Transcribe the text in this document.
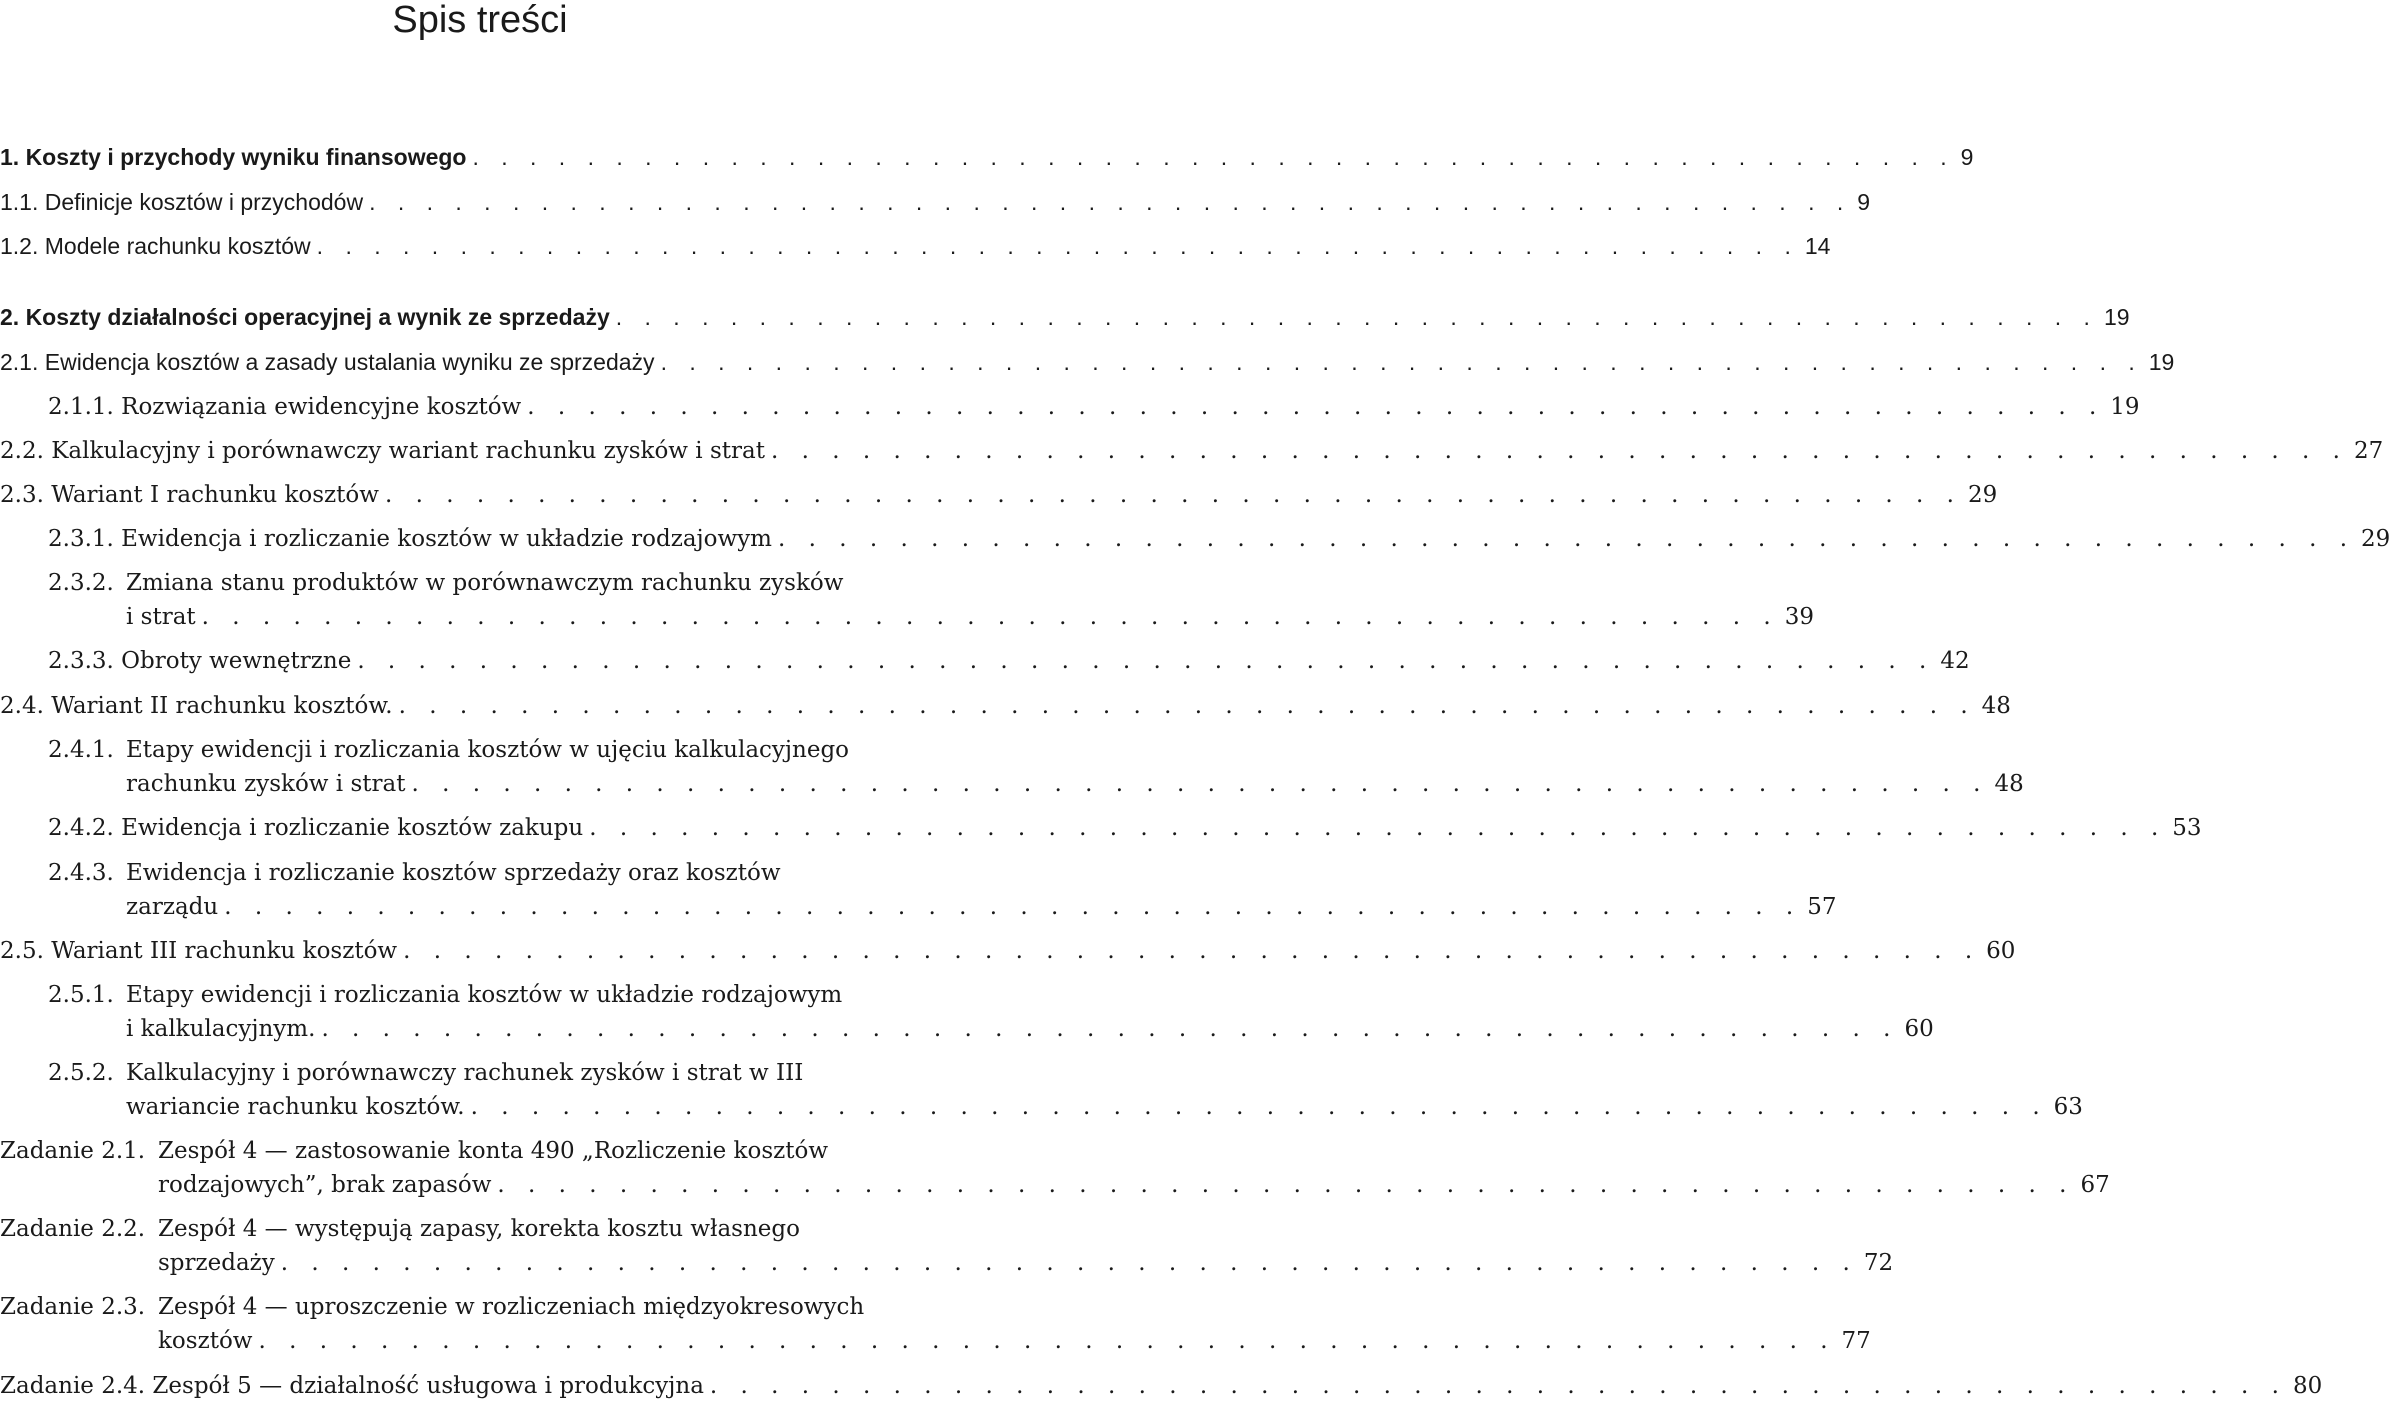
Spis treści
1. Koszty i przychody wyniku finansowego . . . . . . . . . . . . . . . . . . . . . . . . . . . . . . . . . . . . . . . . . . . . . . . . . . . . 9
1.1. Definicje kosztów i przychodów . . . . . . . . . . . . . . . . . . . . . . . . . . . . . . . . . . . . . . . . . . . . . . . . . . . . 9
1.2. Modele rachunku kosztów . . . . . . . . . . . . . . . . . . . . . . . . . . . . . . . . . . . . . . . . . . . . . . . . . . . . 14
2. Koszty działalności operacyjnej a wynik ze sprzedaży . . . . . . . . . . . . . . . . . . . . . . . . . . . . . . . . . . . . . . . . . . . . . . . . . . . . 19
2.1. Ewidencja kosztów a zasady ustalania wyniku ze sprzedaży . . . . . . . . . . . . . . . . . . . . . . . . . . . . . . . . . . . . . . . . . . . . . . . . . . . . 19
2.1.1. Rozwiązania ewidencyjne kosztów . . . . . . . . . . . . . . . . . . . . . . . . . . . . . . . . . . . . . . . . . . . . . . . . . . . . 19
2.2. Kalkulacyjny i porównawczy wariant rachunku zysków i strat . . . . . . . . . . . . . . . . . . . . . . . . . . . . . . . . . . . . . . . . . . . . . . . . . . . . 27
2.3. Wariant I rachunku kosztów . . . . . . . . . . . . . . . . . . . . . . . . . . . . . . . . . . . . . . . . . . . . . . . . . . . . 29
2.3.1. Ewidencja i rozliczanie kosztów w układzie rodzajowym . . . . . . . . . . . . . . . . . . . . . . . . . . . . . . . . . . . . . . . . . . . . . . . . . . . . 29
2.3.2. Zmiana stanu produktów w porównawczym rachunku zysków
i strat . . . . . . . . . . . . . . . . . . . . . . . . . . . . . . . . . . . . . . . . . . . . . . . . . . . . 39
2.3.3. Obroty wewnętrzne . . . . . . . . . . . . . . . . . . . . . . . . . . . . . . . . . . . . . . . . . . . . . . . . . . . . 42
2.4. Wariant II rachunku kosztów. . . . . . . . . . . . . . . . . . . . . . . . . . . . . . . . . . . . . . . . . . . . . . . . . . . . . 48
2.4.1. Etapy ewidencji i rozliczania kosztów w ujęciu kalkulacyjnego
rachunku zysków i strat . . . . . . . . . . . . . . . . . . . . . . . . . . . . . . . . . . . . . . . . . . . . . . . . . . . . 48
2.4.2. Ewidencja i rozliczanie kosztów zakupu . . . . . . . . . . . . . . . . . . . . . . . . . . . . . . . . . . . . . . . . . . . . . . . . . . . . 53
2.4.3. Ewidencja i rozliczanie kosztów sprzedaży oraz kosztów
zarządu . . . . . . . . . . . . . . . . . . . . . . . . . . . . . . . . . . . . . . . . . . . . . . . . . . . . 57
2.5. Wariant III rachunku kosztów . . . . . . . . . . . . . . . . . . . . . . . . . . . . . . . . . . . . . . . . . . . . . . . . . . . . 60
2.5.1. Etapy ewidencji i rozliczania kosztów w układzie rodzajowym
i kalkulacyjnym. . . . . . . . . . . . . . . . . . . . . . . . . . . . . . . . . . . . . . . . . . . . . . . . . . . . . 60
2.5.2. Kalkulacyjny i porównawczy rachunek zysków i strat w III
wariancie rachunku kosztów. . . . . . . . . . . . . . . . . . . . . . . . . . . . . . . . . . . . . . . . . . . . . . . . . . . . . 63
Zadanie 2.1. Zespół 4 — zastosowanie konta 490 „Rozliczenie kosztów
rodzajowych”, brak zapasów . . . . . . . . . . . . . . . . . . . . . . . . . . . . . . . . . . . . . . . . . . . . . . . . . . . . 67
Zadanie 2.2. Zespół 4 — występują zapasy, korekta kosztu własnego
sprzedaży . . . . . . . . . . . . . . . . . . . . . . . . . . . . . . . . . . . . . . . . . . . . . . . . . . . . 72
Zadanie 2.3. Zespół 4 — uproszczenie w rozliczeniach międzyokresowych
kosztów . . . . . . . . . . . . . . . . . . . . . . . . . . . . . . . . . . . . . . . . . . . . . . . . . . . . 77
Zadanie 2.4. Zespół 5 — działalność usługowa i produkcyjna . . . . . . . . . . . . . . . . . . . . . . . . . . . . . . . . . . . . . . . . . . . . . . . . . . . . 80
